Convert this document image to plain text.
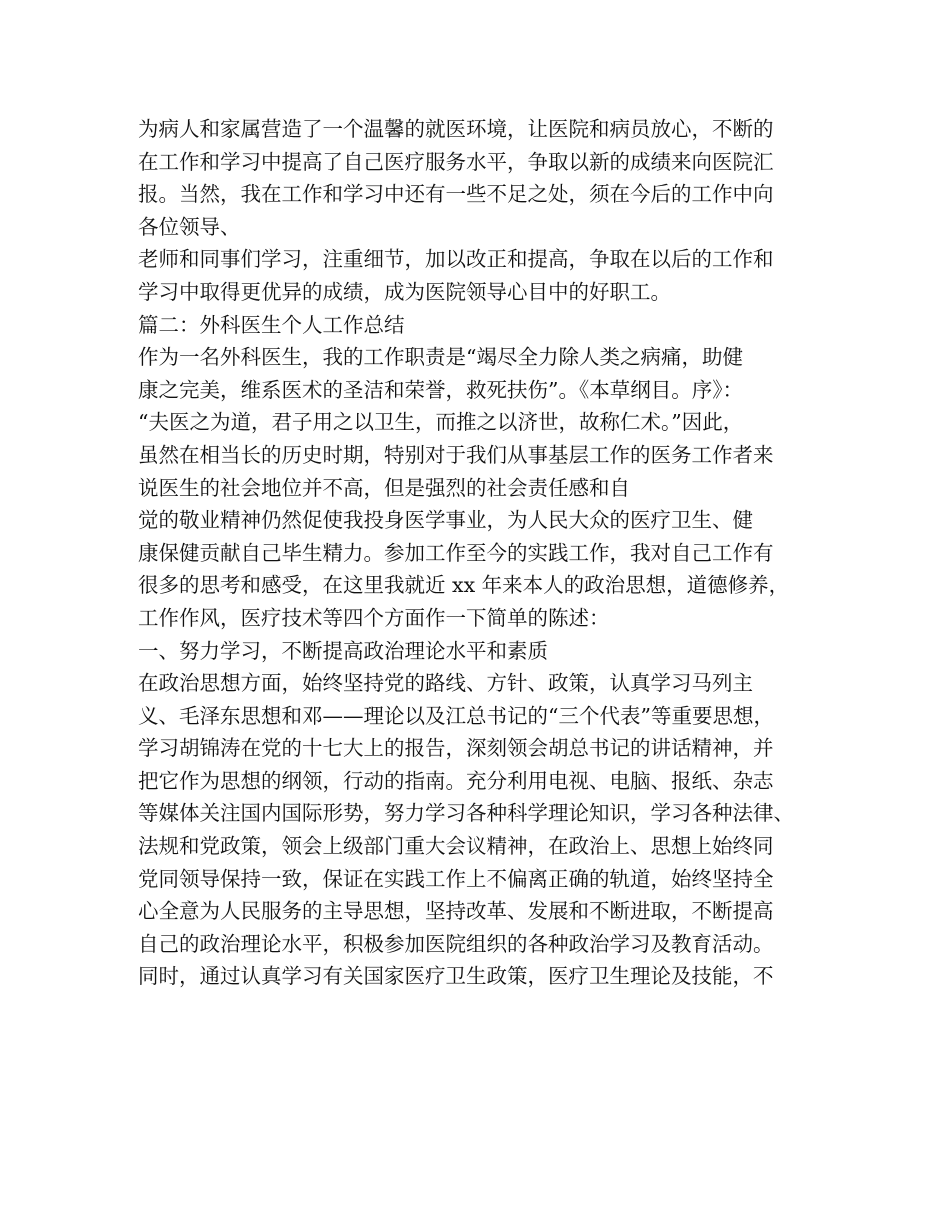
为病人和家属营造了一个温馨的就医环境，让医院和病员放心，不断的
在工作和学习中提高了自己医疗服务水平，争取以新的成绩来向医院汇
报。当然，我在工作和学习中还有一些不足之处，须在今后的工作中向
各位领导、
老师和同事们学习，注重细节，加以改正和提高，争取在以后的工作和
学习中取得更优异的成绩，成为医院领导心目中的好职工。
篇二：外科医生个人工作总结
作为一名外科医生，我的工作职责是“竭尽全力除人类之病痛，助健
康之完美，维系医术的圣洁和荣誉，救死扶伤”。《本草纲目。序》：
“夫医之为道，君子用之以卫生，而推之以济世，故称仁术。”因此，
虽然在相当长的历史时期，特别对于我们从事基层工作的医务工作者来
说医生的社会地位并不高，但是强烈的社会责任感和自
觉的敬业精神仍然促使我投身医学事业，为人民大众的医疗卫生、健
康保健贡献自己毕生精力。参加工作至今的实践工作，我对自己工作有
很多的思考和感受，在这里我就近 xx 年来本人的政治思想，道德修养，
工作作风，医疗技术等四个方面作一下简单的陈述：
一、努力学习，不断提高政治理论水平和素质
在政治思想方面，始终坚持党的路线、方针、政策，认真学习马列主
义、毛泽东思想和邓——理论以及江总书记的“三个代表”等重要思想，
学习胡锦涛在党的十七大上的报告，深刻领会胡总书记的讲话精神，并
把它作为思想的纲领，行动的指南。充分利用电视、电脑、报纸、杂志
等媒体关注国内国际形势，努力学习各种科学理论知识，学习各种法律、
法规和党政策，领会上级部门重大会议精神，在政治上、思想上始终同
党同领导保持一致，保证在实践工作上不偏离正确的轨道，始终坚持全
心全意为人民服务的主导思想，坚持改革、发展和不断进取，不断提高
自己的政治理论水平，积极参加医院组织的各种政治学习及教育活动。
同时，通过认真学习有关国家医疗卫生政策，医疗卫生理论及技能，不
